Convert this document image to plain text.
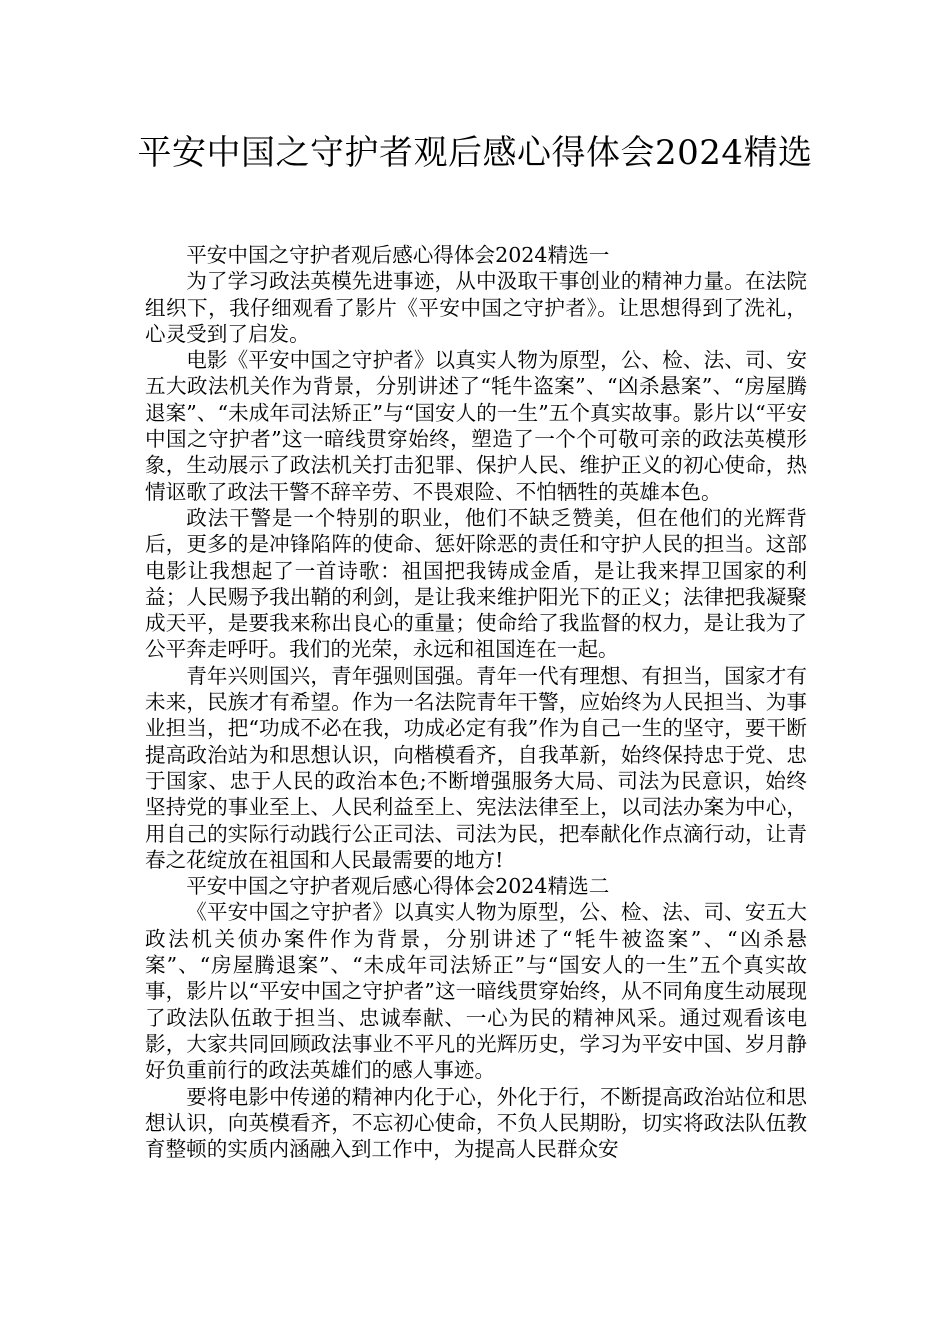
平安中国之守护者观后感心得体会2024精选

平安中国之守护者观后感心得体会2024精选一

为了学习政法英模先进事迹，从中汲取干事创业的精神力量。在法院组织下，我仔细观看了影片《平安中国之守护者》。让思想得到了洗礼，心灵受到了启发。

电影《平安中国之守护者》以真实人物为原型，公、检、法、司、安五大政法机关作为背景，分别讲述了“牦牛盗案”、“凶杀悬案”、“房屋腾退案”、“未成年司法矫正”与“国安人的一生”五个真实故事。影片以“平安中国之守护者”这一暗线贯穿始终，塑造了一个个可敬可亲的政法英模形象，生动展示了政法机关打击犯罪、保护人民、维护正义的初心使命，热情讴歌了政法干警不辞辛劳、不畏艰险、不怕牺牲的英雄本色。

政法干警是一个特别的职业，他们不缺乏赞美，但在他们的光辉背后，更多的是冲锋陷阵的使命、惩奸除恶的责任和守护人民的担当。这部电影让我想起了一首诗歌：祖国把我铸成金盾，是让我来捍卫国家的利益；人民赐予我出鞘的利剑，是让我来维护阳光下的正义；法律把我凝聚成天平，是要我来称出良心的重量；使命给了我监督的权力，是让我为了公平奔走呼吁。我们的光荣，永远和祖国连在一起。

青年兴则国兴，青年强则国强。青年一代有理想、有担当，国家才有未来，民族才有希望。作为一名法院青年干警，应始终为人民担当、为事业担当，把“功成不必在我，功成必定有我”作为自己一生的坚守，要干断提高政治站为和思想认识，向楷模看齐，自我革新，始终保持忠于党、忠于国家、忠于人民的政治本色;不断增强服务大局、司法为民意识，始终坚持党的事业至上、人民利益至上、宪法法律至上，以司法办案为中心，用自己的实际行动践行公正司法、司法为民，把奉献化作点滴行动，让青春之花绽放在祖国和人民最需要的地方!

平安中国之守护者观后感心得体会2024精选二

《平安中国之守护者》以真实人物为原型，公、检、法、司、安五大政法机关侦办案件作为背景，分别讲述了“牦牛被盗案”、“凶杀悬案”、“房屋腾退案”、“未成年司法矫正”与“国安人的一生”五个真实故事，影片以“平安中国之守护者”这一暗线贯穿始终，从不同角度生动展现了政法队伍敢于担当、忠诚奉献、一心为民的精神风采。通过观看该电影，大家共同回顾政法事业不平凡的光辉历史，学习为平安中国、岁月静好负重前行的政法英雄们的感人事迹。

要将电影中传递的精神内化于心，外化于行，不断提高政治站位和思想认识，向英模看齐，不忘初心使命，不负人民期盼，切实将政法队伍教育整顿的实质内涵融入到工作中，为提高人民群众安
